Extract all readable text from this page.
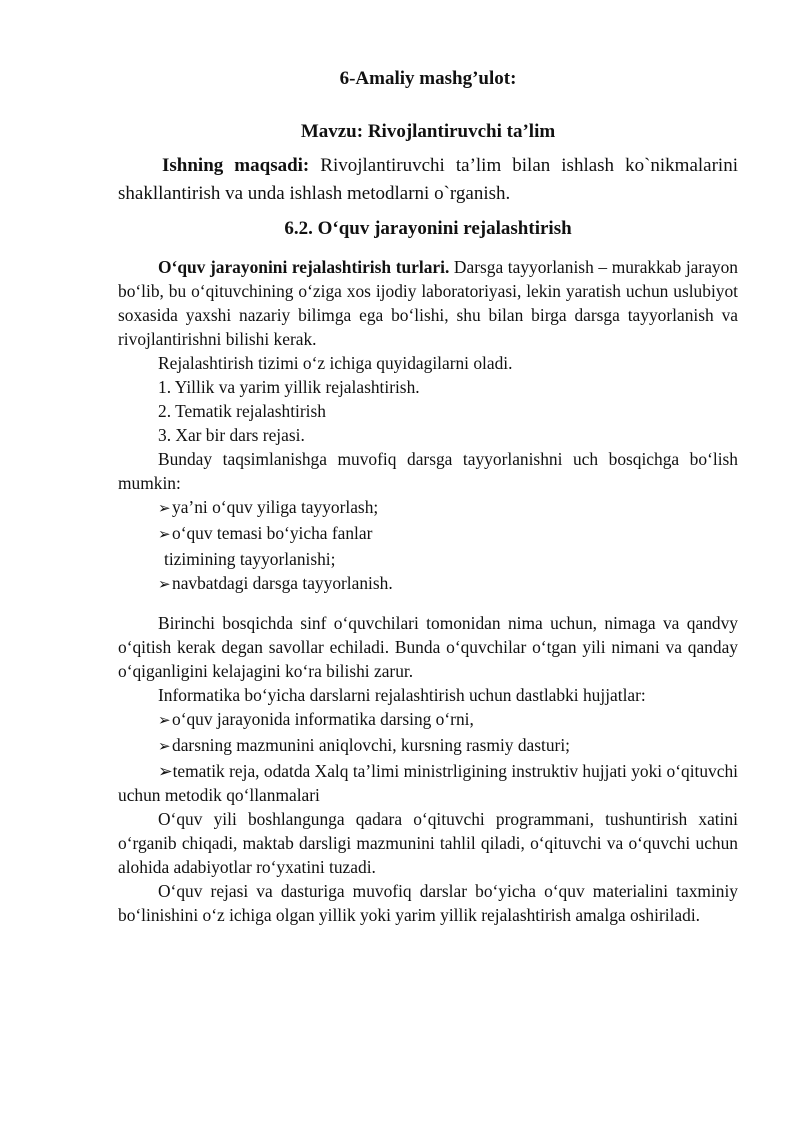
6-Amaliy mashg’ulot:
Mavzu: Rivojlantiruvchi ta’lim

Ishning maqsadi: Rivojlantiruvchi ta’lim bilan ishlash ko`nikmalarini shakllantirish va unda ishlash metodlarni o`rganish.

6.2. O‘quv jarayonini rejalashtirish

O‘quv jarayonini rejalashtirish turlari. Darsga tayyorlanish – murakkab jarayon bo‘lib, bu o‘qituvchining o‘ziga xos ijodiy laboratoriyasi, lekin yaratish uchun uslubiyot soxasida yaxshi nazariy bilimga ega bo‘lishi, shu bilan birga darsga tayyorlanish va rivojlantirishni bilishi kerak.

Rejalashtirish tizimi o‘z ichiga quyidagilarni oladi.

1. Yillik va yarim yillik rejalashtirish.

2. Tematik rejalashtirish

3. Xar bir dars rejasi.

Bunday taqsimlanishga muvofiq darsga tayyorlanishni uch bosqichga bo‘lish mumkin:

➢ya’ni o‘quv yiliga tayyorlash;

➢o‘quv temasi bo‘yicha fanlar

tizimining tayyorlanishi;

➢navbatdagi darsga tayyorlanish.

Birinchi bosqichda sinf o‘quvchilari tomonidan nima uchun, nimaga va qandvy o‘qitish kerak degan savollar echiladi. Bunda o‘quvchilar o‘tgan yili nimani va qanday o‘qiganligini kelajagini ko‘ra bilishi zarur.

Informatika bo‘yicha darslarni rejalashtirish uchun dastlabki hujjatlar:

➢o‘quv jarayonida informatika darsing o‘rni,

➢darsning mazmunini aniqlovchi, kursning rasmiy dasturi;

➢tematik reja, odatda Xalq ta’limi ministrligining instruktiv hujjati yoki o‘qituvchi uchun metodik qo‘llanmalari

O‘quv yili boshlangunga qadara o‘qituvchi programmani, tushuntirish xatini o‘rganib chiqadi, maktab darsligi mazmunini tahlil qiladi, o‘qituvchi va o‘quvchi uchun alohida adabiyotlar ro‘yxatini tuzadi.

O‘quv rejasi va dasturiga muvofiq darslar bo‘yicha o‘quv materialini taxminiy bo‘linishini o‘z ichiga olgan yillik yoki yarim yillik rejalashtirish amalga oshiriladi.
